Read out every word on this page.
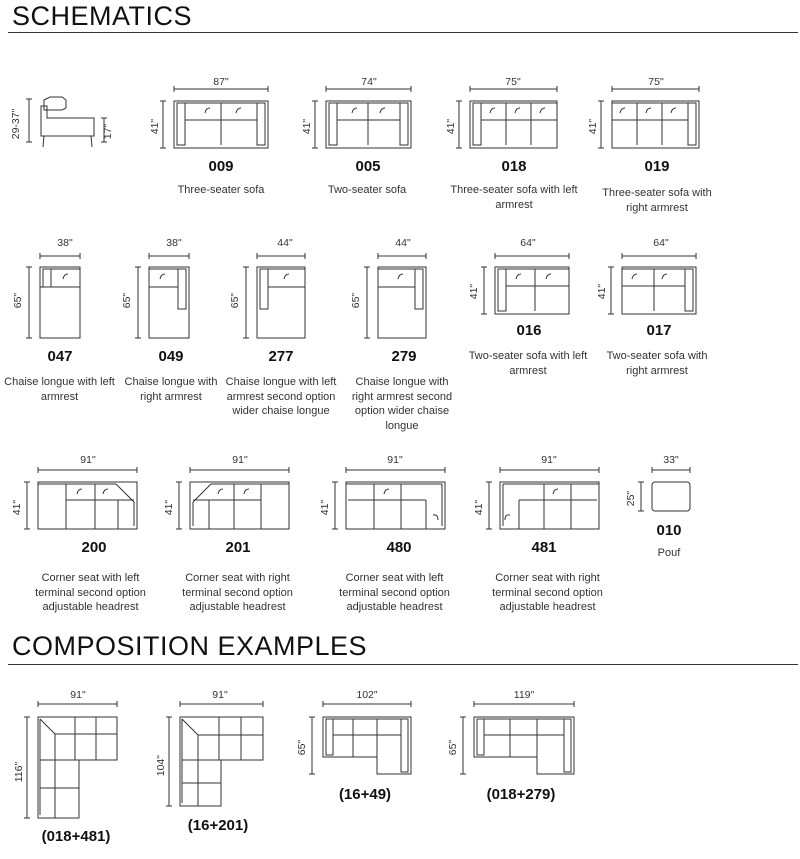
SCHEMATICS
COMPOSITION EXAMPLES
29-37"	17"
87"
41"
009
Three-seater sofa
74"
41"
005
Two-seater sofa
75"
41"
018
Three-seater sofa with left armrest
75"
41"
019
Three-seater sofa with right armrest
38"
65"
047
Chaise longue with left armrest
38"
65"
049
Chaise longue with right armrest
44"
65"
277
Chaise longue with left armrest second option wider chaise longue
44"
65"
279
Chaise longue with right armrest second option wider chaise longue
64"
41"
016
Two-seater sofa with left armrest
64"
41"
017
Two-seater sofa with right armrest
91"
41"
200
Corner seat with left terminal second option adjustable headrest
91"
41"
201
Corner seat with right terminal second option adjustable headrest
91"
41"
480
Corner seat with left terminal second option adjustable headrest
91"
41"
481
Corner seat with right terminal second option adjustable headrest
33"
25"
010
Pouf
91"
116"
(018+481)
91"
104"
(16+201)
102"
65"
(16+49)
119"
65"
(018+279)
